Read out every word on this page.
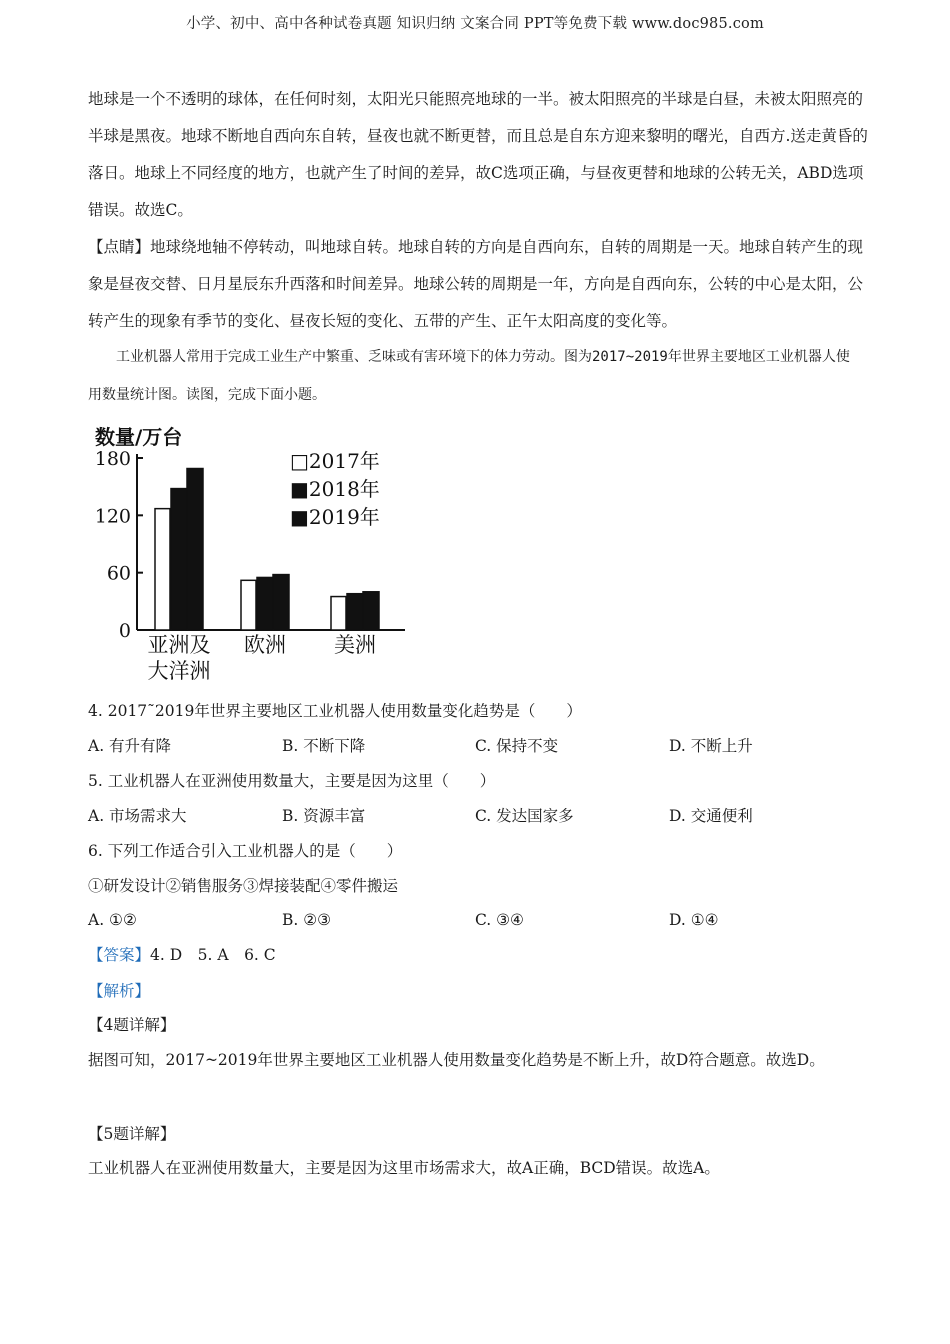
小学、初中、高中各种试卷真题 知识归纳 文案合同 PPT等免费下载 www.doc985.com

地球是一个不透明的球体，在任何时刻，太阳光只能照亮地球的一半。被太阳照亮的半球是白昼，未被太阳照亮的半球是黑夜。地球不断地自西向东自转，昼夜也就不断更替，而且总是自东方迎来黎明的曙光，自西方.送走黄昏的落日。地球上不同经度的地方，也就产生了时间的差异，故C选项正确，与昼夜更替和地球的公转无关，ABD选项错误。故选C。

【点睛】地球绕地轴不停转动，叫地球自转。地球自转的方向是自西向东，自转的周期是一天。地球自转产生的现象是昼夜交替、日月星辰东升西落和时间差异。地球公转的周期是一年，方向是自西向东，公转的中心是太阳，公转产生的现象有季节的变化、昼夜长短的变化、五带的产生、正午太阳高度的变化等。

工业机器人常用于完成工业生产中繁重、乏味或有害环境下的体力劳动。图为2017~2019年世界主要地区工业机器人使用数量统计图。读图，完成下面小题。

数量/万台
180
120
60
0
亚洲及
大洋洲
欧洲 美洲
□2017年
■2018年
■2019年
4. 2017˜2019年世界主要地区工业机器人使用数量变化趋势是（　　）
A. 有升有降	B. 不断下降	C. 保持不变	D. 不断上升
5. 工业机器人在亚洲使用数量大，主要是因为这里（　　）
A. 市场需求大	B. 资源丰富	C. 发达国家多	D. 交通便利
6. 下列工作适合引入工业机器人的是（　　）
①研发设计②销售服务③焊接装配④零件搬运
A. ①②	B. ②③	C. ③④	D. ①④
【答案】4. D　5. A　6. C
【解析】
【4题详解】

据图可知，2017~2019年世界主要地区工业机器人使用数量变化趋势是不断上升，故D符合题意。故选D。

【5题详解】
工业机器人在亚洲使用数量大，主要是因为这里市场需求大，故A正确，BCD错误。故选A。
